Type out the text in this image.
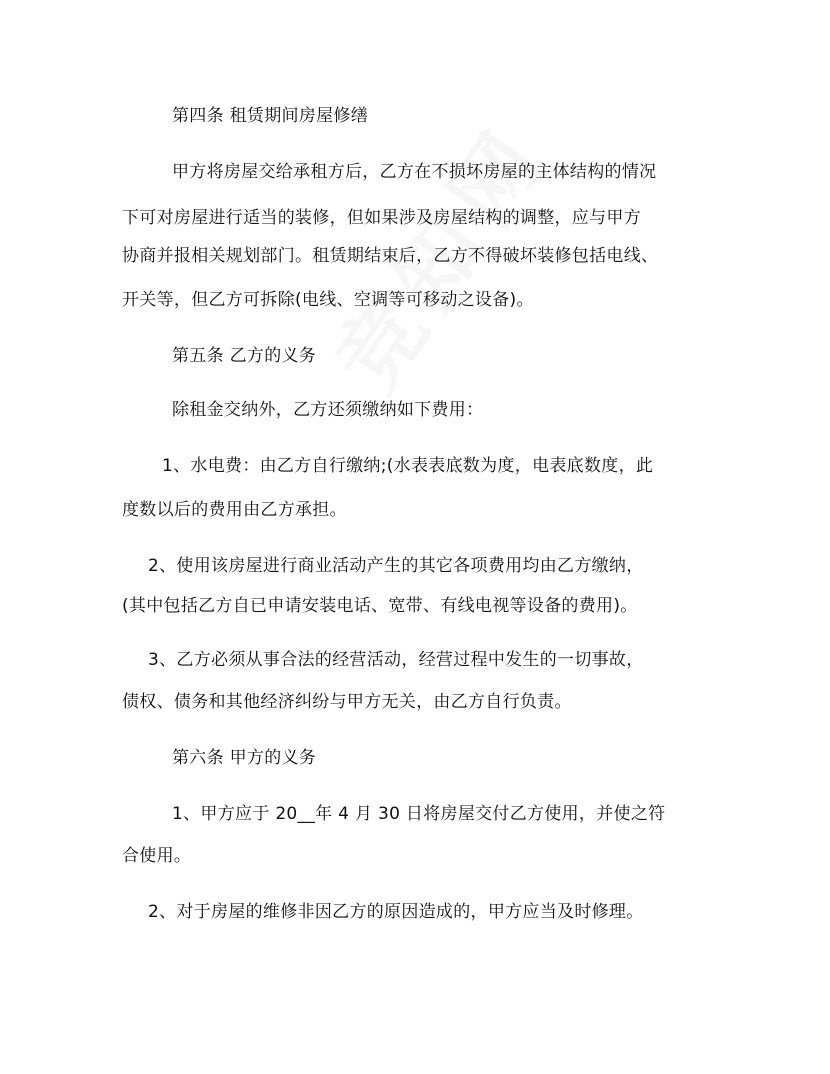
第四条 租赁期间房屋修缮
甲方将房屋交给承租方后，乙方在不损坏房屋的主体结构的情况
下可对房屋进行适当的装修，但如果涉及房屋结构的调整，应与甲方
协商并报相关规划部门。租赁期结束后，乙方不得破坏装修包括电线、
开关等，但乙方可拆除(电线、空调等可移动之设备)。
第五条 乙方的义务
除租金交纳外，乙方还须缴纳如下费用：
1、水电费：由乙方自行缴纳;(水表表底数为度，电表底数度，此
度数以后的费用由乙方承担。
2、使用该房屋进行商业活动产生的其它各项费用均由乙方缴纳，
(其中包括乙方自已申请安装电话、宽带、有线电视等设备的费用)。
3、乙方必须从事合法的经营活动，经营过程中发生的一切事故，
债权、债务和其他经济纠纷与甲方无关，由乙方自行负责。
第六条 甲方的义务
1、甲方应于 20__年 4 月 30 日将房屋交付乙方使用，并使之符
合使用。
2、对于房屋的维修非因乙方的原因造成的，甲方应当及时修理。
